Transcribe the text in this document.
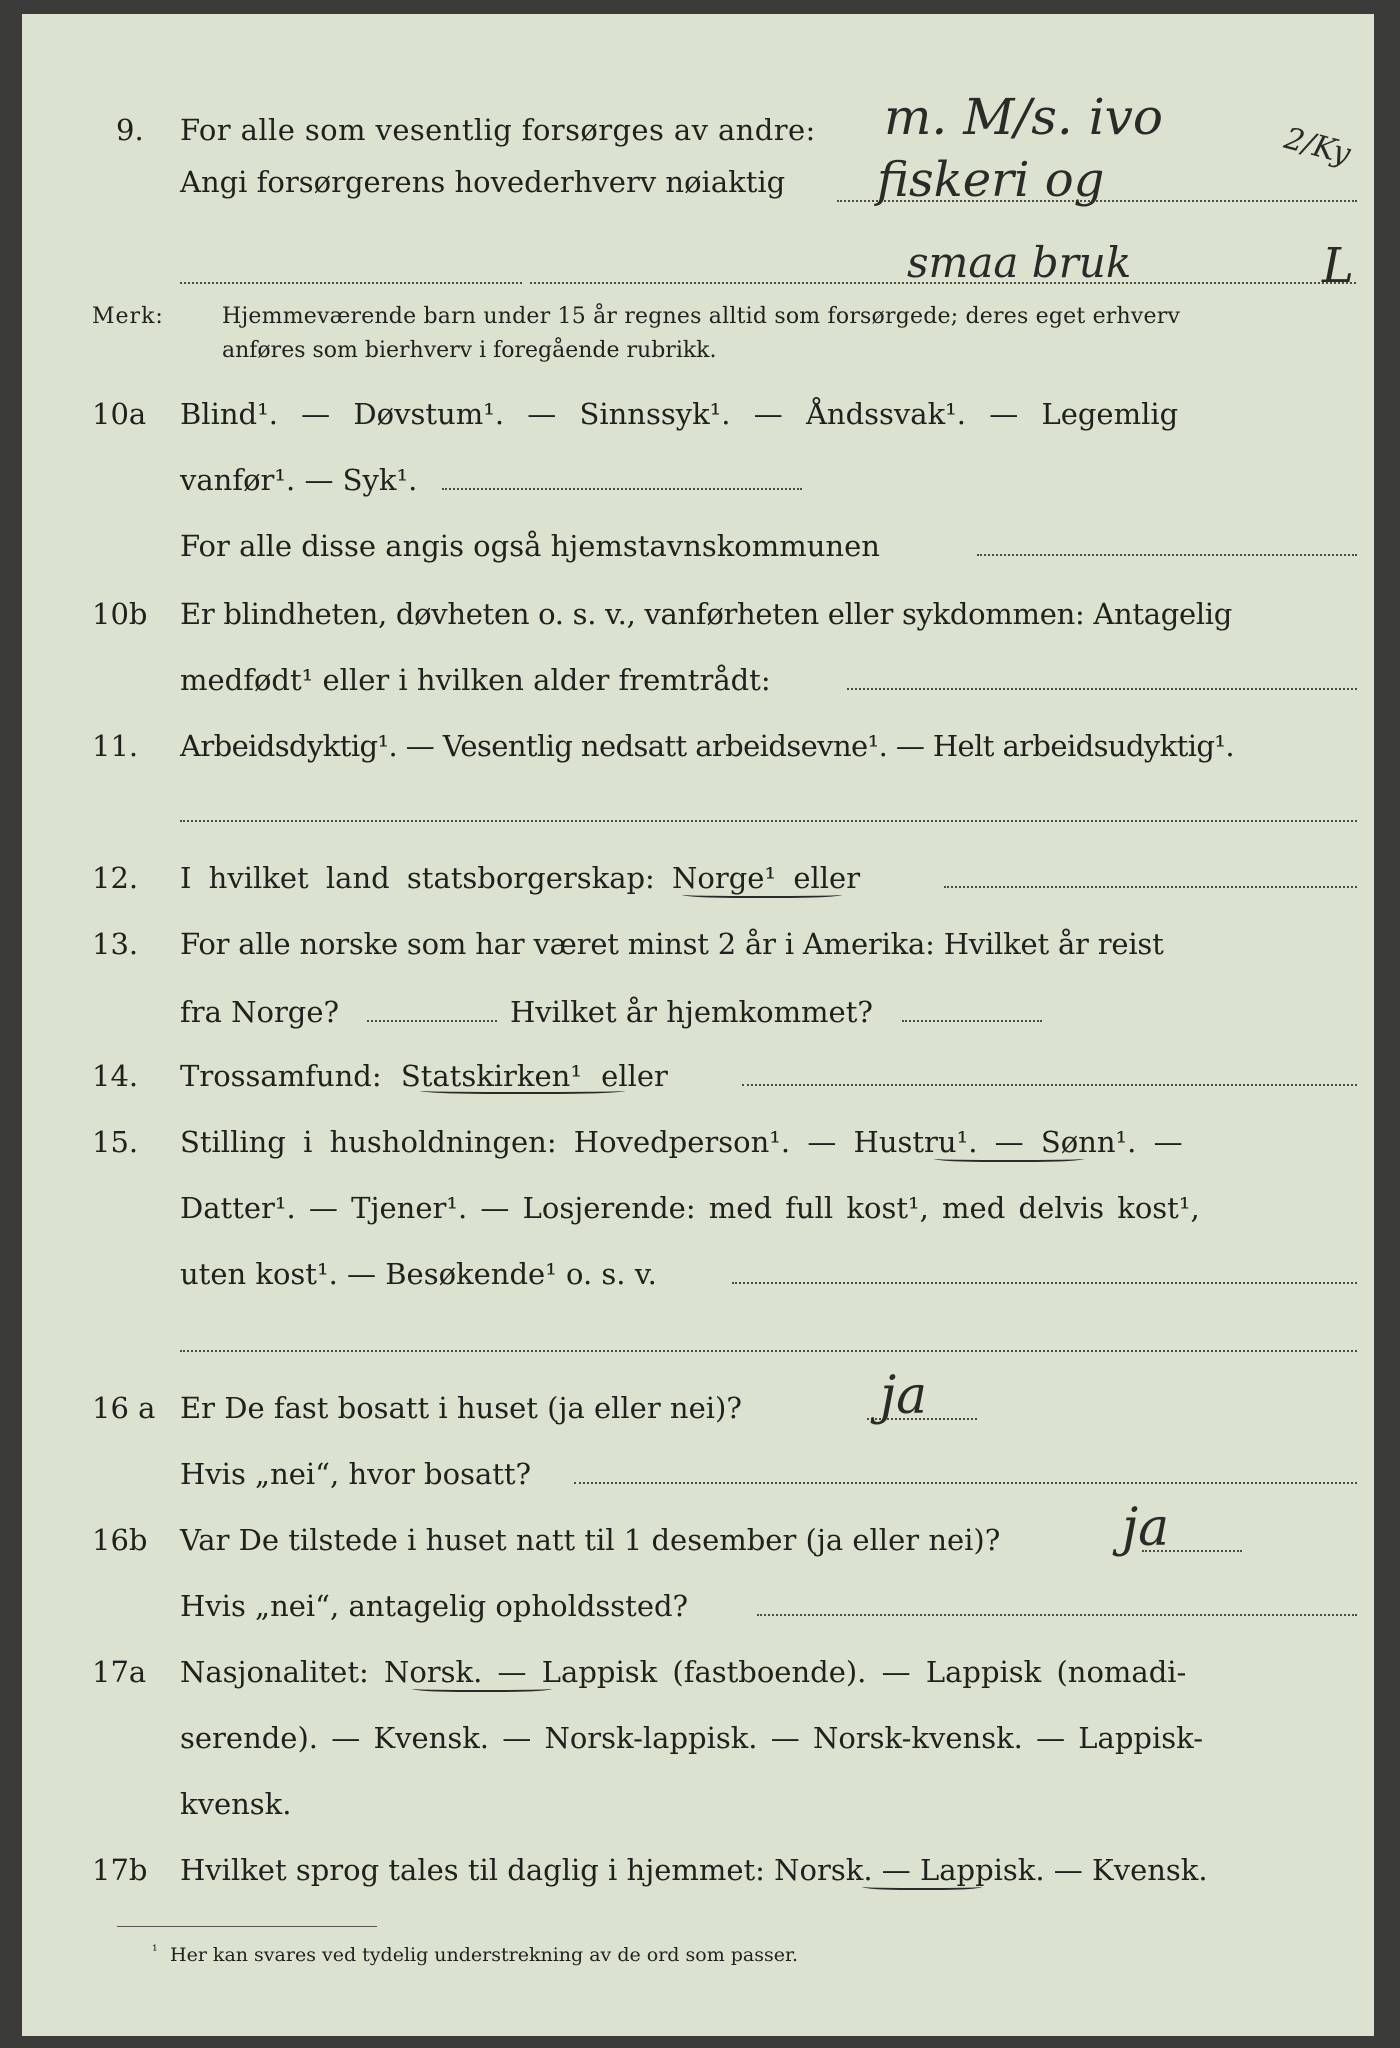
9. For alle som vesentlig forsørges av andre: m. M/s. ivo
2/Ky
Angi forsørgerens hovederhverv nøiaktig fiskeri og
smaa bruk	L
Merk:	Hjemmeværende barn under 15 år regnes alltid som forsørgede; deres eget erhverv
anføres som bierhverv i foregående rubrikk.
10a Blind¹. — Døvstum¹. — Sinnssyk¹. — Åndssvak¹. — Legemlig
vanfør¹. — Syk¹.
For alle disse angis også hjemstavnskommunen
10b Er blindheten, døvheten o. s. v., vanførheten eller sykdommen: Antagelig
medfødt¹ eller i hvilken alder fremtrådt:
11. Arbeidsdyktig¹. — Vesentlig nedsatt arbeidsevne¹. — Helt arbeidsudyktig¹.
12. I hvilket land statsborgerskap: Norge¹ eller
13. For alle norske som har været minst 2 år i Amerika: Hvilket år reist
fra Norge?	Hvilket år hjemkommet?
14. Trossamfund: Statskirken¹ eller
15. Stilling i husholdningen: Hovedperson¹. — Hustru¹. — Sønn¹. —
Datter¹. — Tjener¹. — Losjerende: med full kost¹, med delvis kost¹,
uten kost¹. — Besøkende¹ o. s. v.
16 a Er De fast bosatt i huset (ja eller nei)?	ja
Hvis „nei“, hvor bosatt?
16b Var De tilstede i huset natt til 1 desember (ja eller nei)? ja
Hvis „nei“, antagelig opholdssted?
17a Nasjonalitet: Norsk. — Lappisk (fastboende). — Lappisk (nomadi-
serende). — Kvensk. — Norsk-lappisk. — Norsk-kvensk. — Lappisk-
kvensk.
17b Hvilket sprog tales til daglig i hjemmet: Norsk. — Lappisk. — Kvensk.
¹ Her kan svares ved tydelig understrekning av de ord som passer.
